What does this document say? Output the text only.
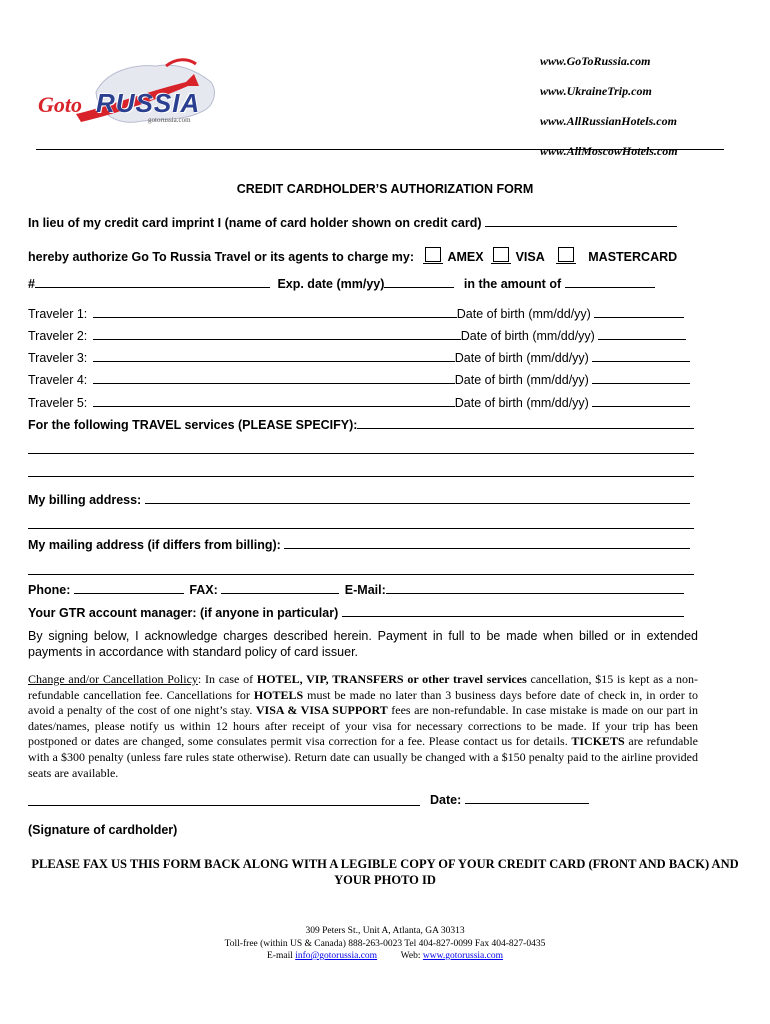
Goto RUSSIA
gotorussia.com
www.GoToRussia.com
www.UkraineTrip.com
www.AllRussianHotels.com
www.AllMoscowHotels.com
CREDIT CARDHOLDER’S AUTHORIZATION FORM
In lieu of my credit card imprint I (name of card holder shown on credit card)
hereby authorize Go To Russia Travel or its agents to charge my:	AMEX	VISA	MASTERCARD
#	Exp. date (mm/yy)	in the amount of
Traveler 1:	Date of birth (mm/dd/yy)
Traveler 2:	Date of birth (mm/dd/yy)
Traveler 3:	Date of birth (mm/dd/yy)
Traveler 4:	Date of birth (mm/dd/yy)
Traveler 5:	Date of birth (mm/dd/yy)
For the following TRAVEL services (PLEASE SPECIFY):
My billing address:
My mailing address (if differs from billing):
Phone:	FAX:	E-Mail:
Your GTR account manager: (if anyone in particular)
By signing below, I acknowledge charges described herein. Payment in full to be made when billed or in extended payments in accordance with standard policy of card issuer.
Change and/or Cancellation Policy: In case of HOTEL, VIP, TRANSFERS or other travel services cancellation, $15 is kept as a non-refundable cancellation fee. Cancellations for HOTELS must be made no later than 3 business days before date of check in, in order to avoid a penalty of the cost of one night’s stay. VISA & VISA SUPPORT fees are non-refundable. In case mistake is made on our part in dates/names, please notify us within 12 hours after receipt of your visa for necessary corrections to be made. If your trip has been postponed or dates are changed, some consulates permit visa correction for a fee. Please contact us for details. TICKETS are refundable with a $300 penalty (unless fare rules state otherwise). Return date can usually be changed with a $150 penalty paid to the airline provided seats are available.
Date:
(Signature of cardholder)
PLEASE FAX US THIS FORM BACK ALONG WITH A LEGIBLE COPY OF YOUR CREDIT CARD (FRONT AND BACK) AND YOUR PHOTO ID
309 Peters St., Unit A, Atlanta, GA 30313
Toll-free (within US & Canada) 888-263-0023 Tel 404-827-0099 Fax 404-827-0435
E-mail info@gotorussia.com Web: www.gotorussia.com
